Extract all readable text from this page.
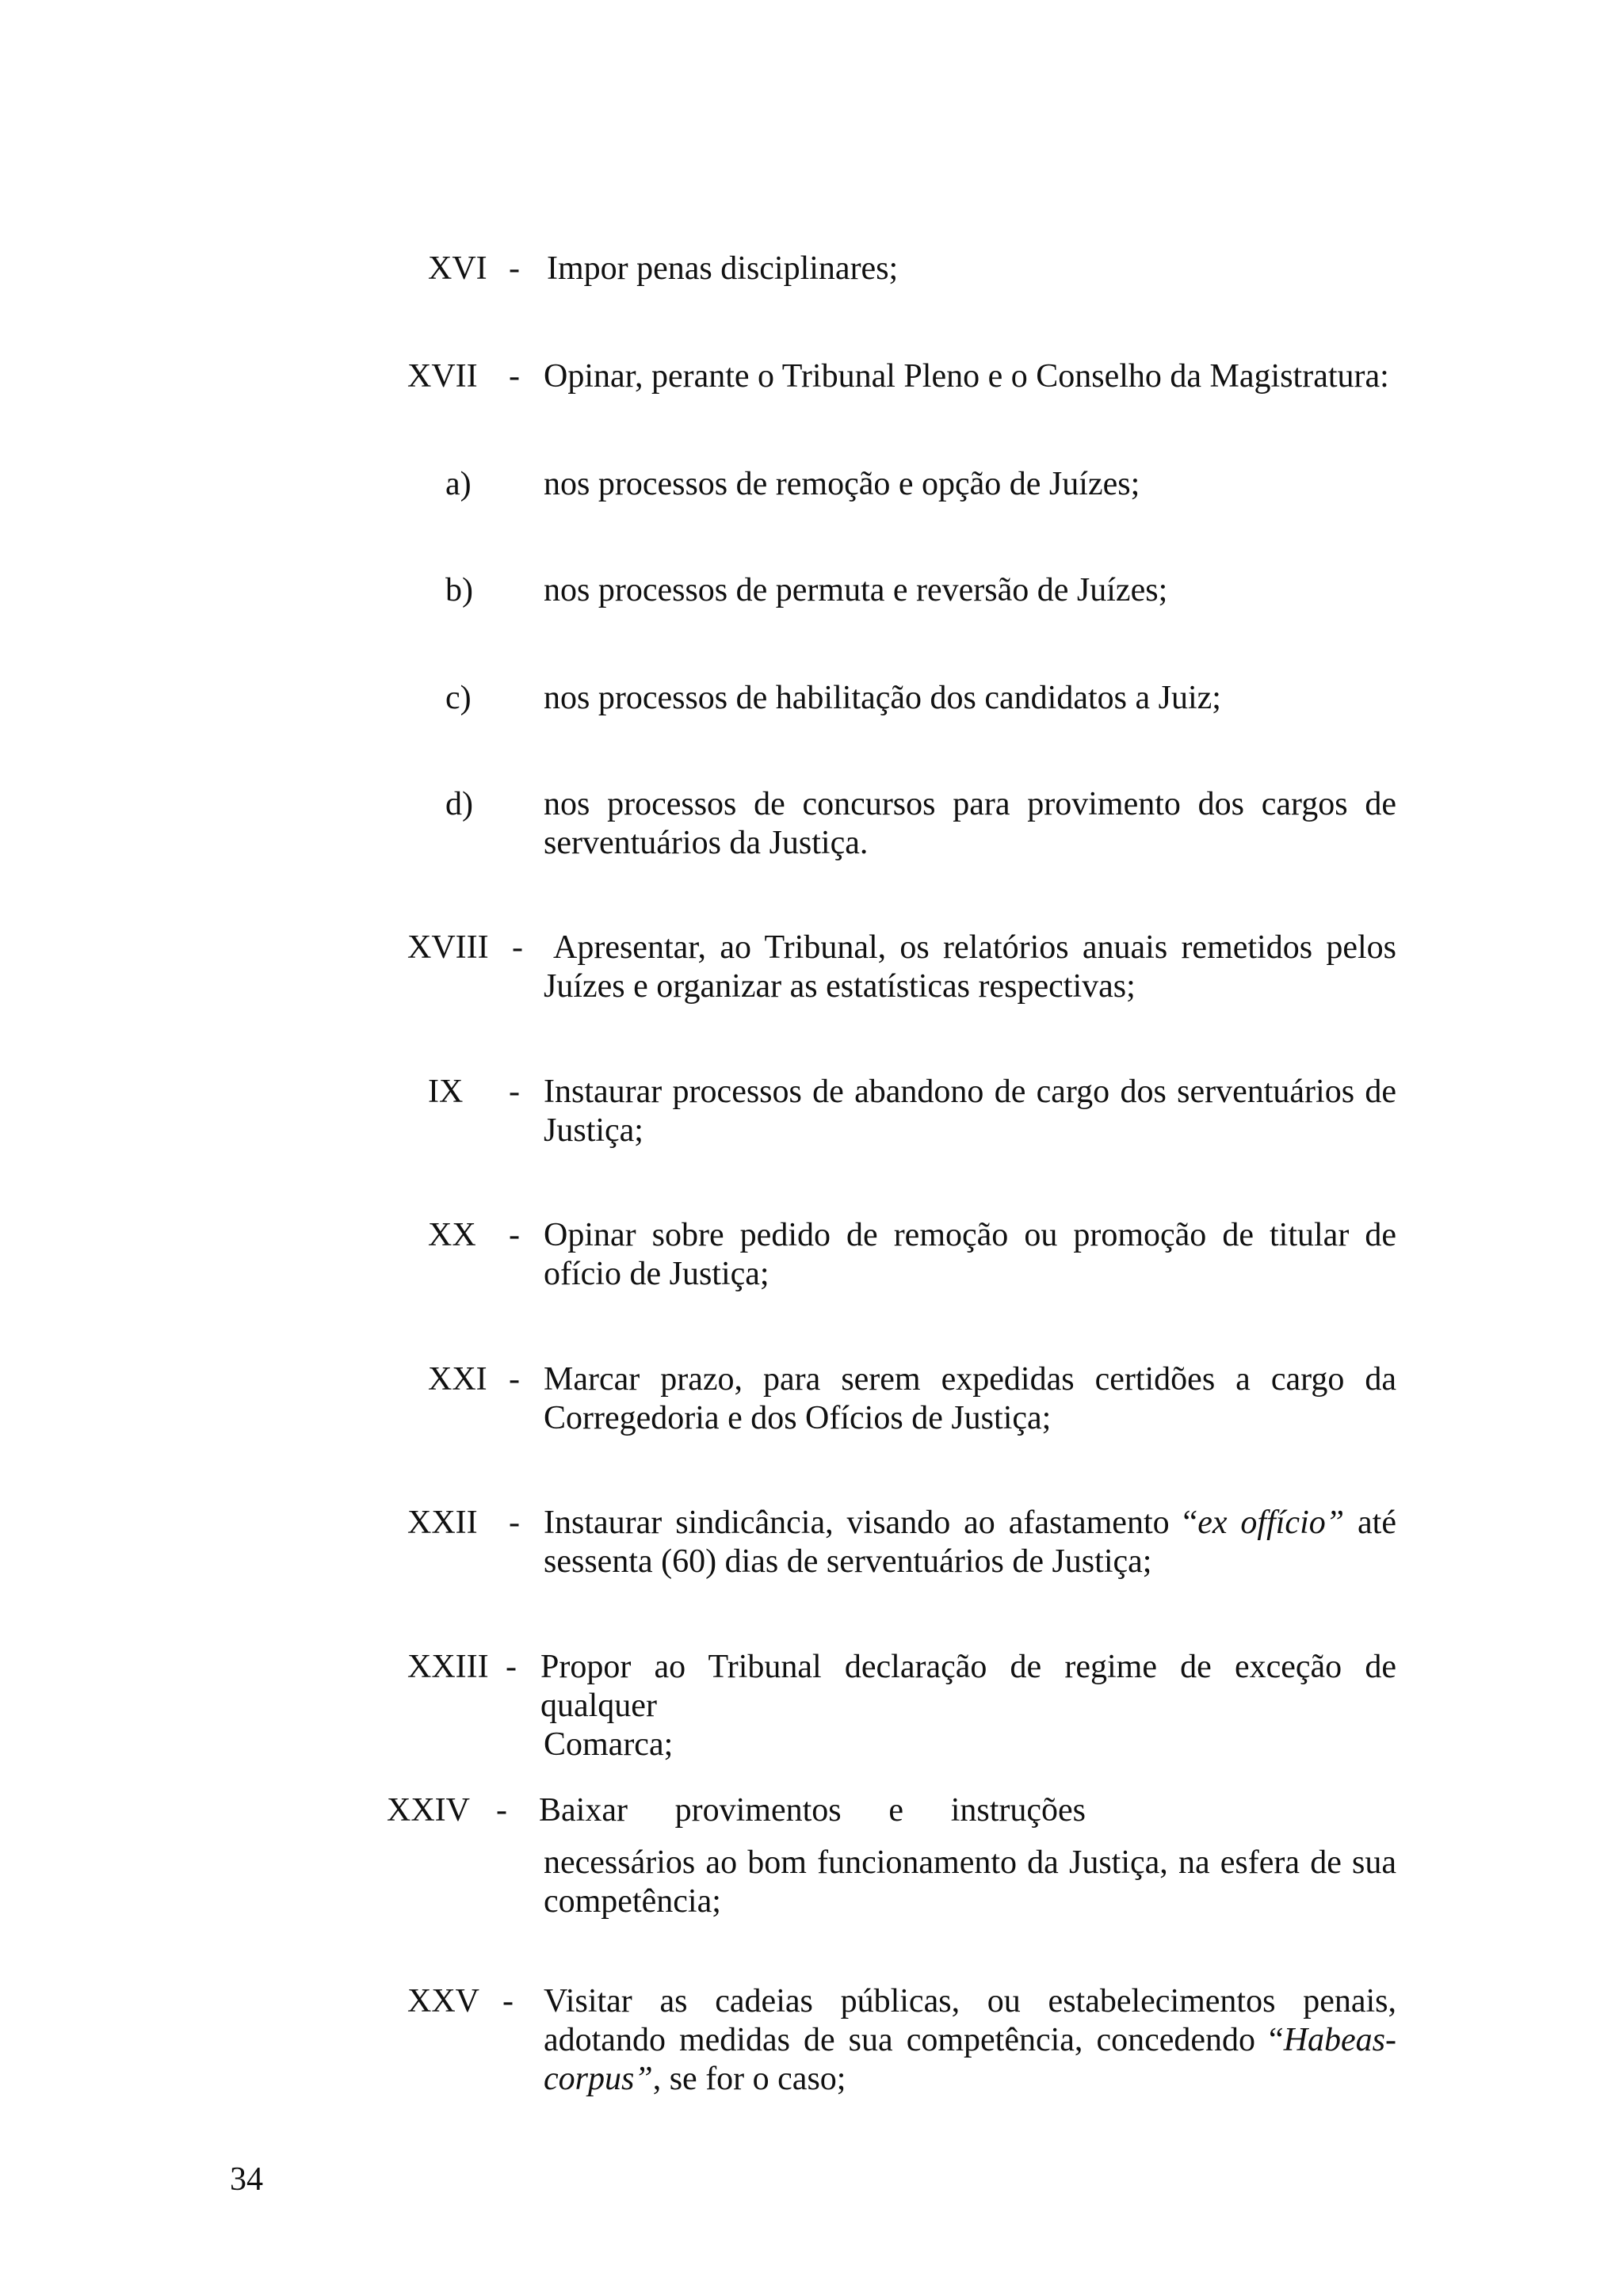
XVI - Impor penas disciplinares;
XVII - Opinar, perante o Tribunal Pleno e o Conselho da Magistratura:
a) nos processos de remoção e opção de Juízes;
b) nos processos de permuta e reversão de Juízes;
c) nos processos de habilitação dos candidatos a Juiz;
d) nos processos de concursos para provimento dos cargos de
serventuários da Justiça.
XVIII - Apresentar, ao Tribunal, os relatórios anuais remetidos pelos
Juízes e organizar as estatísticas respectivas;
IX - Instaurar processos de abandono de cargo dos serventuários de
Justiça;
XX - Opinar sobre pedido de remoção ou promoção de titular de
ofício de Justiça;
XXI - Marcar prazo, para serem expedidas certidões a cargo da
Corregedoria e dos Ofícios de Justiça;
XXII - Instaurar sindicância, visando ao afastamento “ex offício” até
sessenta (60) dias de serventuários de Justiça;
XXIII - Propor ao Tribunal declaração de regime de exceção de qualquer
Comarca;
XXIV - Baixar provimentos e instruções
necessários ao bom funcionamento da Justiça, na esfera de sua
competência;
XXV - Visitar as cadeias públicas, ou estabelecimentos penais,
adotando medidas de sua competência, concedendo “Habeas-
corpus”, se for o caso;
34
